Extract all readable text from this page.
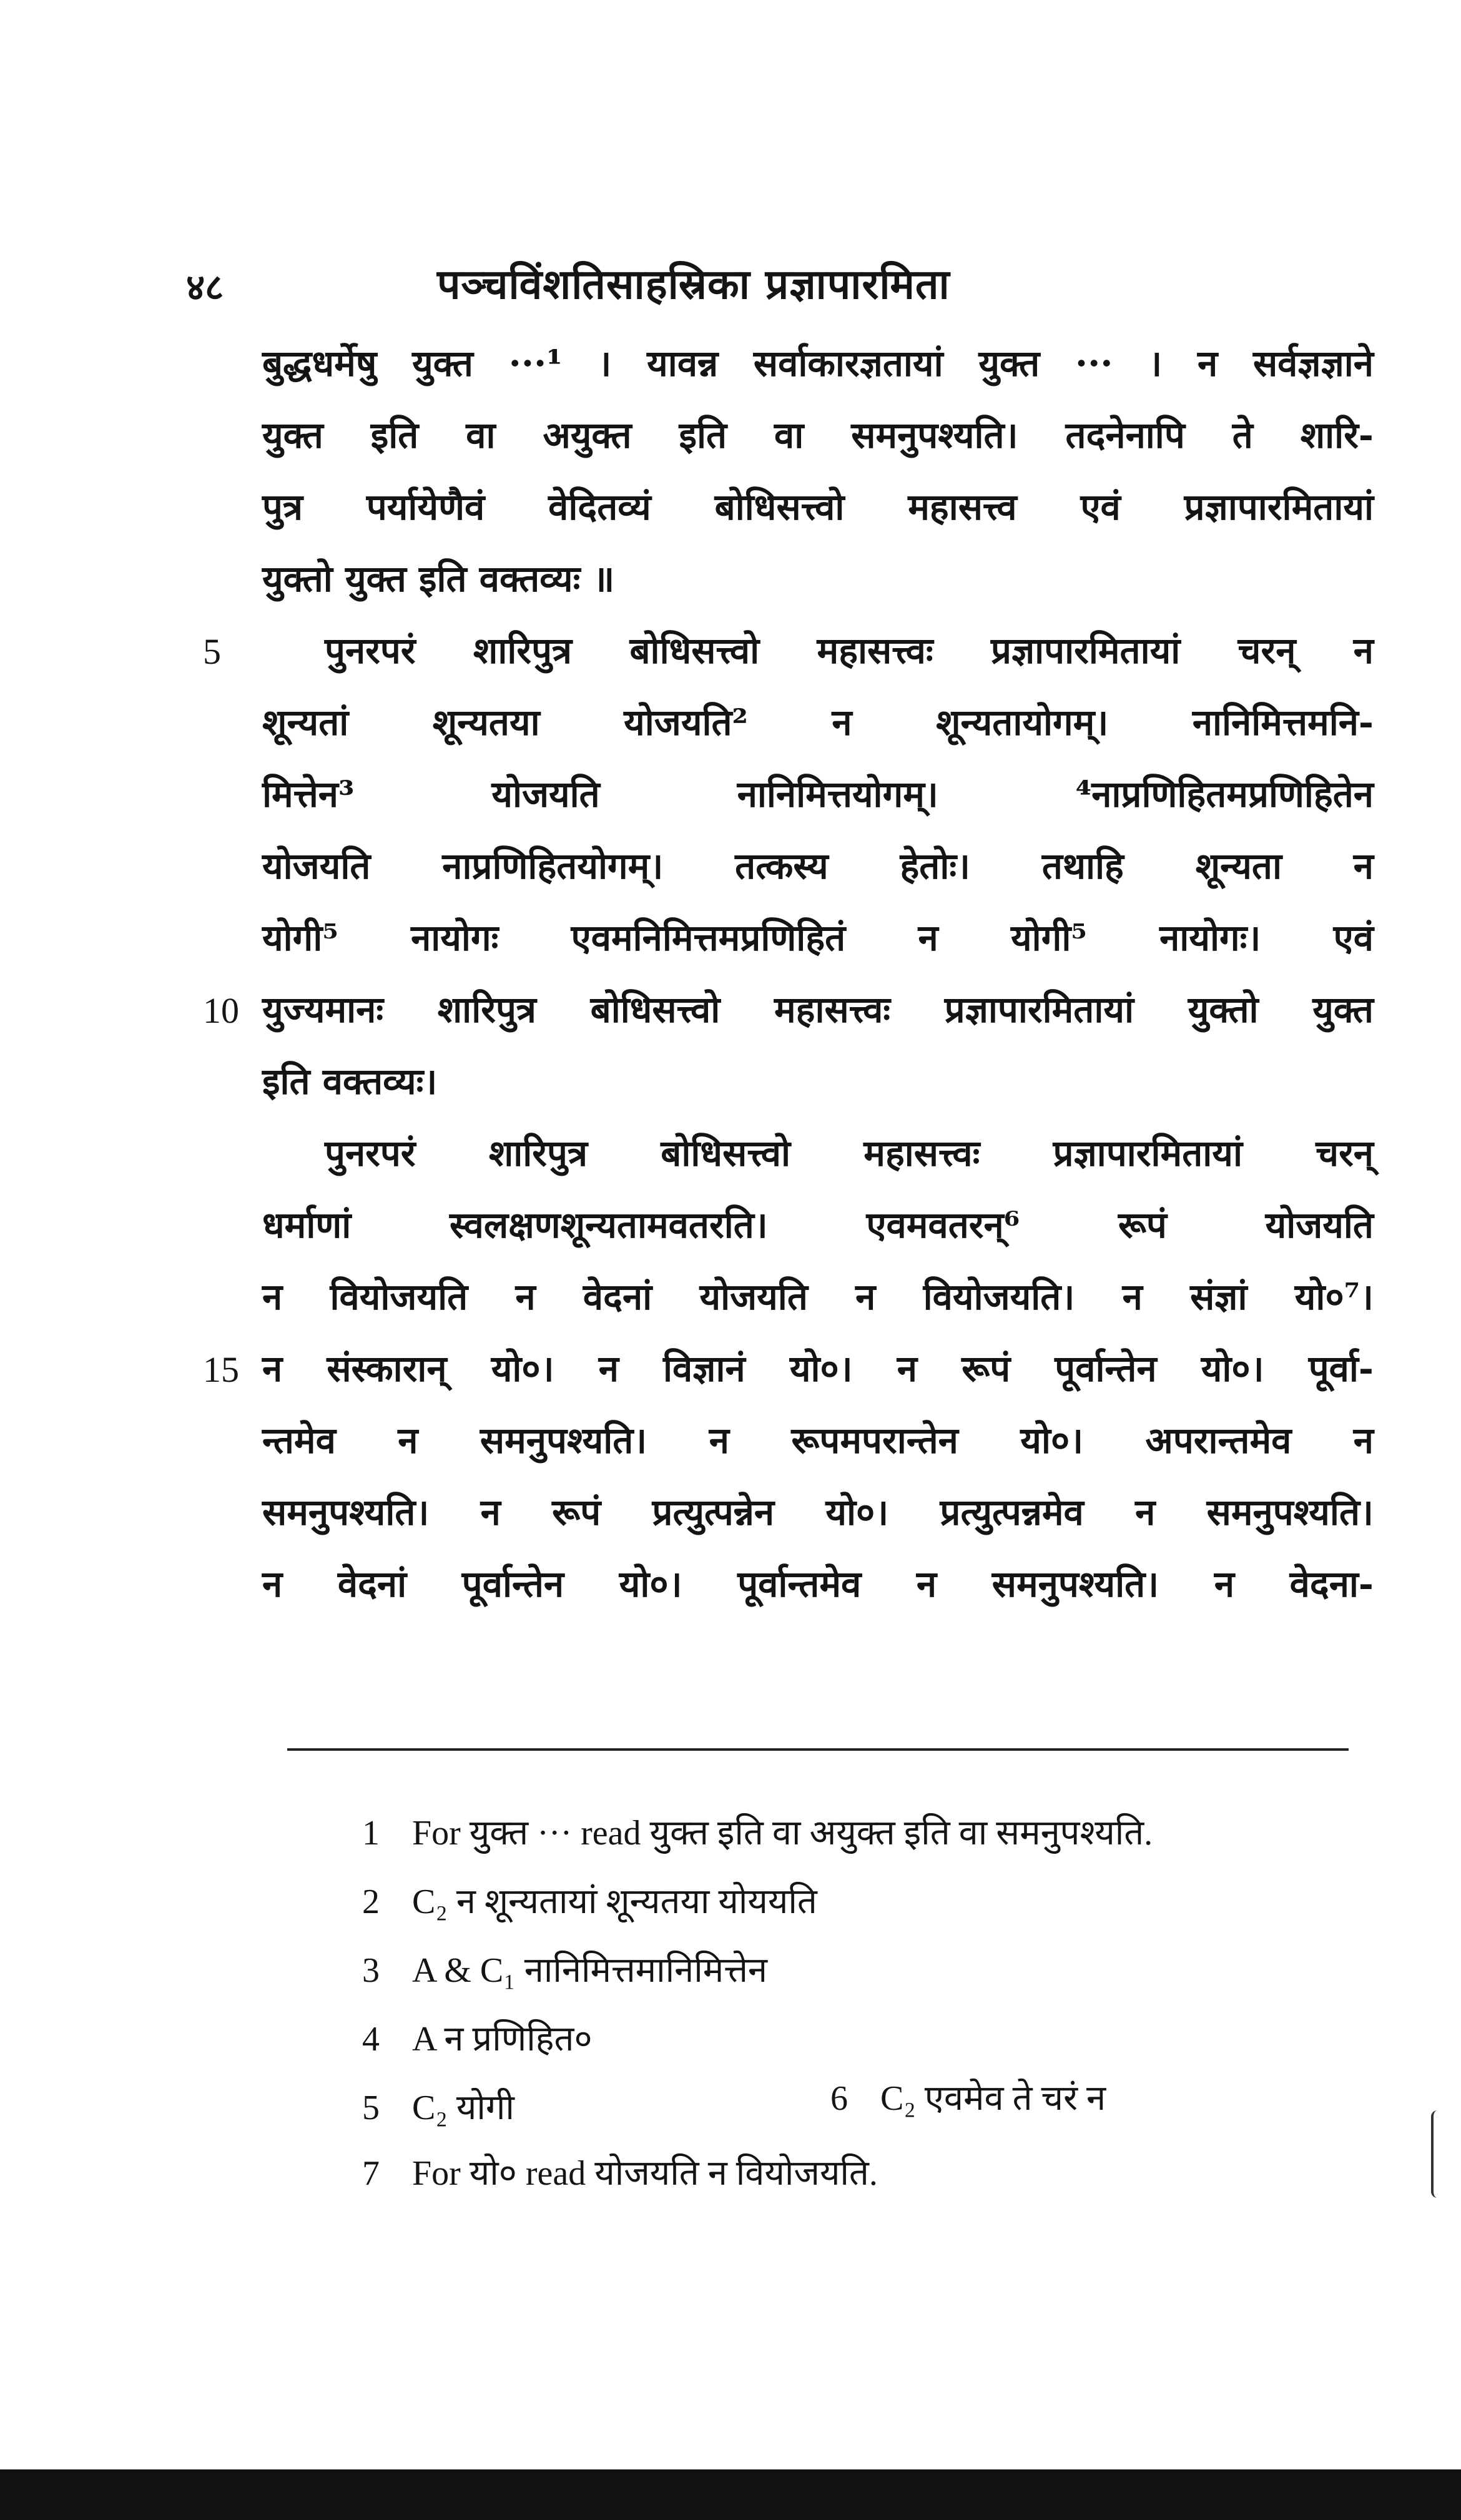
४८	पञ्चविंशतिसाहस्रिका प्रज्ञापारमिता
बुद्धधर्मेषु युक्त ···¹ । यावन्न सर्वाकारज्ञतायां युक्त ··· । न सर्वज्ञज्ञाने
युक्त इति वा अयुक्त इति वा समनुपश्यति। तदनेनापि ते शारि-
पुत्र पर्यायेणैवं वेदितव्यं बोधिसत्त्वो महासत्त्व एवं प्रज्ञापारमितायां
युक्तो युक्त इति वक्तव्यः ॥
5	पुनरपरं शारिपुत्र बोधिसत्त्वो महासत्त्वः प्रज्ञापारमितायां चरन् न
शून्यतां शून्यतया योजयति² न शून्यतायोगम्। नानिमित्तमनि-
मित्तेन³ योजयति नानिमित्तयोगम्। ⁴नाप्रणिहितमप्रणिहितेन
योजयति नाप्रणिहितयोगम्। तत्कस्य हेतोः। तथाहि शून्यता न
योगी⁵ नायोगः एवमनिमित्तमप्रणिहितं न योगी⁵ नायोगः। एवं
10 युज्यमानः शारिपुत्र बोधिसत्त्वो महासत्त्वः प्रज्ञापारमितायां युक्तो युक्त
इति वक्तव्यः।
पुनरपरं शारिपुत्र बोधिसत्त्वो महासत्त्वः प्रज्ञापारमितायां चरन्
धर्माणां स्वलक्षणशून्यतामवतरति। एवमवतरन्⁶ रूपं योजयति
न वियोजयति न वेदनां योजयति न वियोजयति। न संज्ञां यो०⁷।
15 न संस्कारान् यो०। न विज्ञानं यो०। न रूपं पूर्वान्तेन यो०। पूर्वा-
न्तमेव न समनुपश्यति। न रूपमपरान्तेन यो०। अपरान्तमेव न
समनुपश्यति। न रूपं प्रत्युत्पन्नेन यो०। प्रत्युत्पन्नमेव न समनुपश्यति।
न वेदनां पूर्वान्तेन यो०। पूर्वान्तमेव न समनुपश्यति। न वेदना-
1 For युक्त ··· read युक्त इति वा अयुक्त इति वा समनुपश्यति.
2 C₂ न शून्यतायां शून्यतया योययति
3 A & C₁ नानिमित्तमानिमित्तेन
4 A न प्रणिहित०
5 C₂ योगी	6 C₂ एवमेव ते चरं न
7 For यो० read योजयति न वियोजयति.
